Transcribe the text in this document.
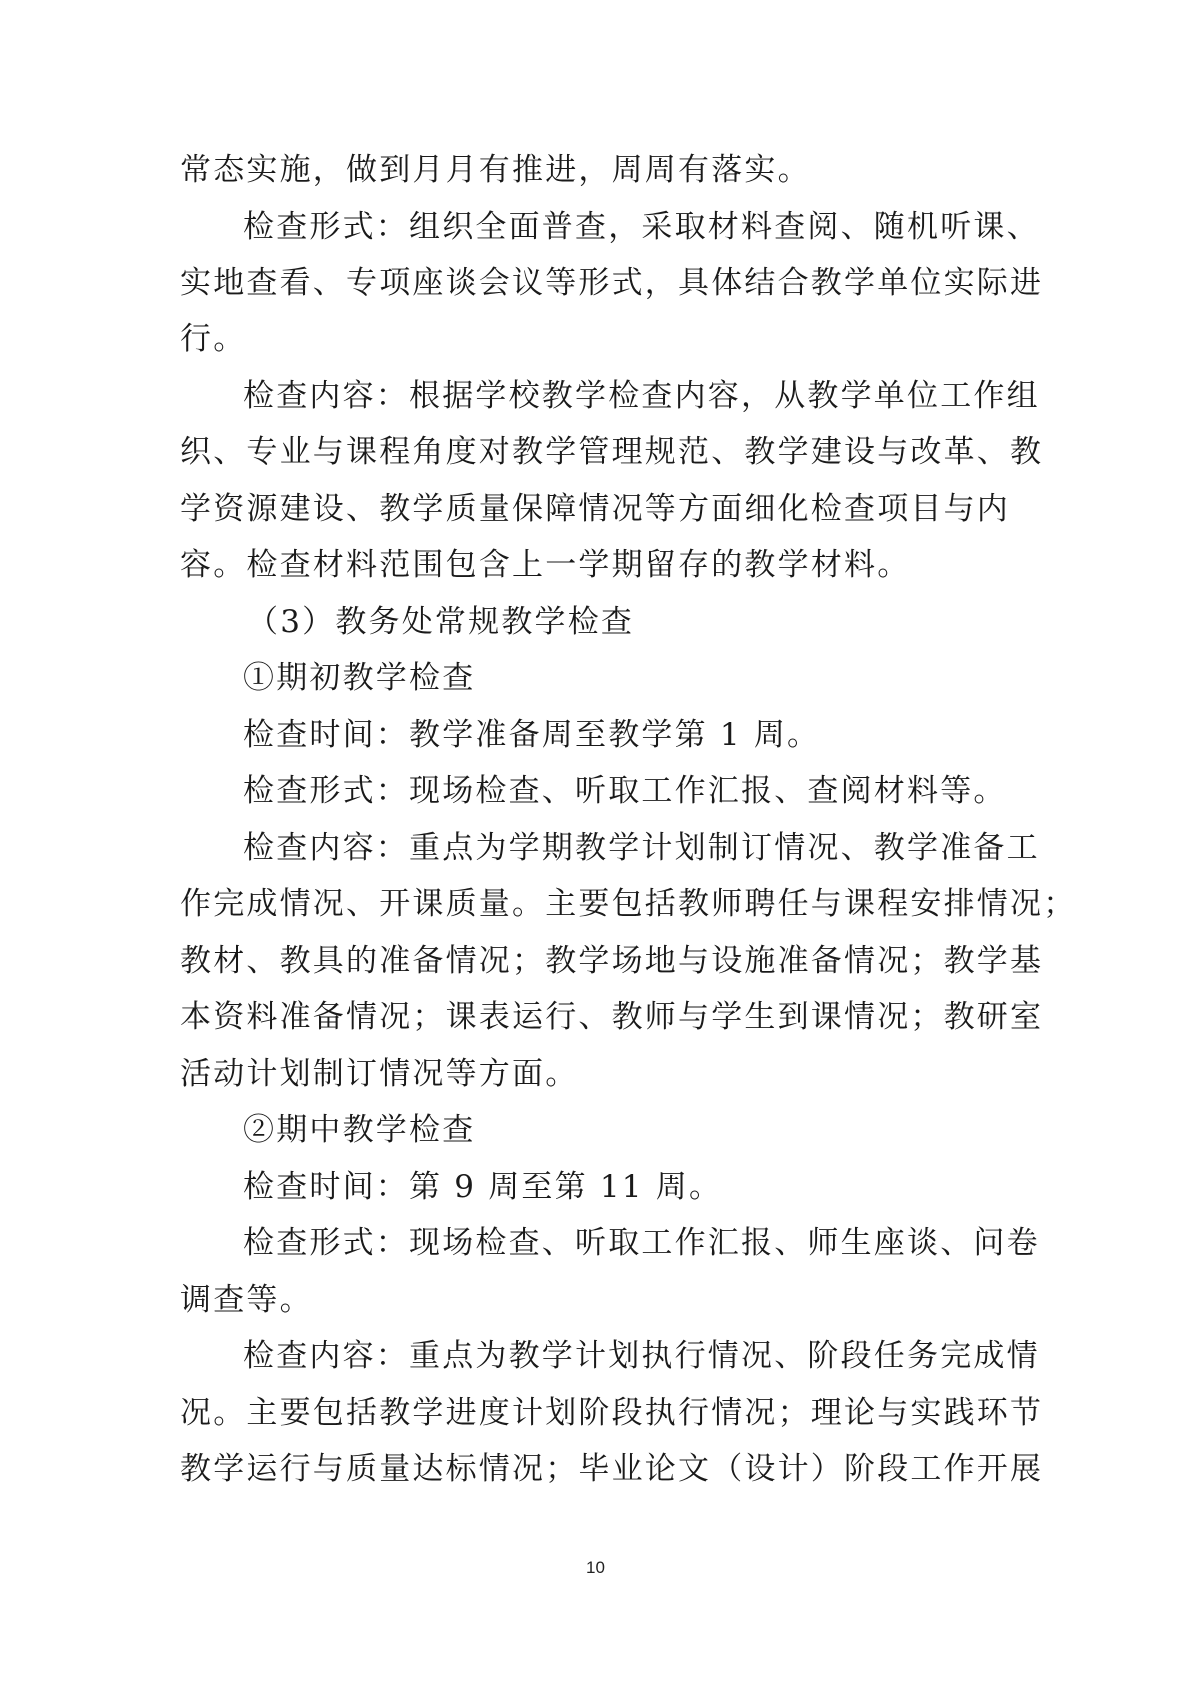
常态实施，做到月月有推进，周周有落实。
检查形式：组织全面普查，采取材料查阅、随机听课、
实地查看、专项座谈会议等形式，具体结合教学单位实际进
行。
检查内容：根据学校教学检查内容，从教学单位工作组
织、专业与课程角度对教学管理规范、教学建设与改革、教
学资源建设、教学质量保障情况等方面细化检查项目与内
容。检查材料范围包含上一学期留存的教学材料。
（3）教务处常规教学检查
①期初教学检查
检查时间：教学准备周至教学第 1 周。
检查形式：现场检查、听取工作汇报、查阅材料等。
检查内容：重点为学期教学计划制订情况、教学准备工
作完成情况、开课质量。主要包括教师聘任与课程安排情况；
教材、教具的准备情况；教学场地与设施准备情况；教学基
本资料准备情况；课表运行、教师与学生到课情况；教研室
活动计划制订情况等方面。
②期中教学检查
检查时间：第 9 周至第 11 周。
检查形式：现场检查、听取工作汇报、师生座谈、问卷
调查等。
检查内容：重点为教学计划执行情况、阶段任务完成情
况。主要包括教学进度计划阶段执行情况；理论与实践环节
教学运行与质量达标情况；毕业论文（设计）阶段工作开展
10
